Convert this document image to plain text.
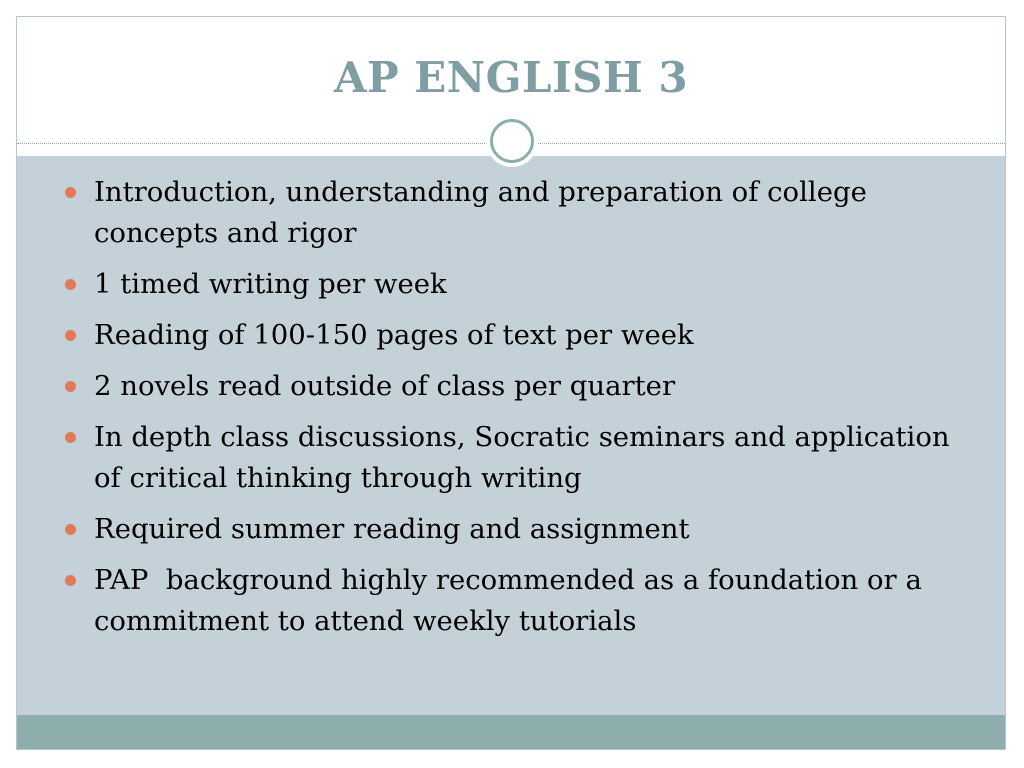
AP ENGLISH 3
Introduction, understanding and preparation of college concepts and rigor
1 timed writing per week
Reading of 100-150 pages of text per week
2 novels read outside of class per quarter
In depth class discussions, Socratic seminars and application of critical thinking through writing
Required summer reading and assignment
PAP  background highly recommended as a foundation or a commitment to attend weekly tutorials
